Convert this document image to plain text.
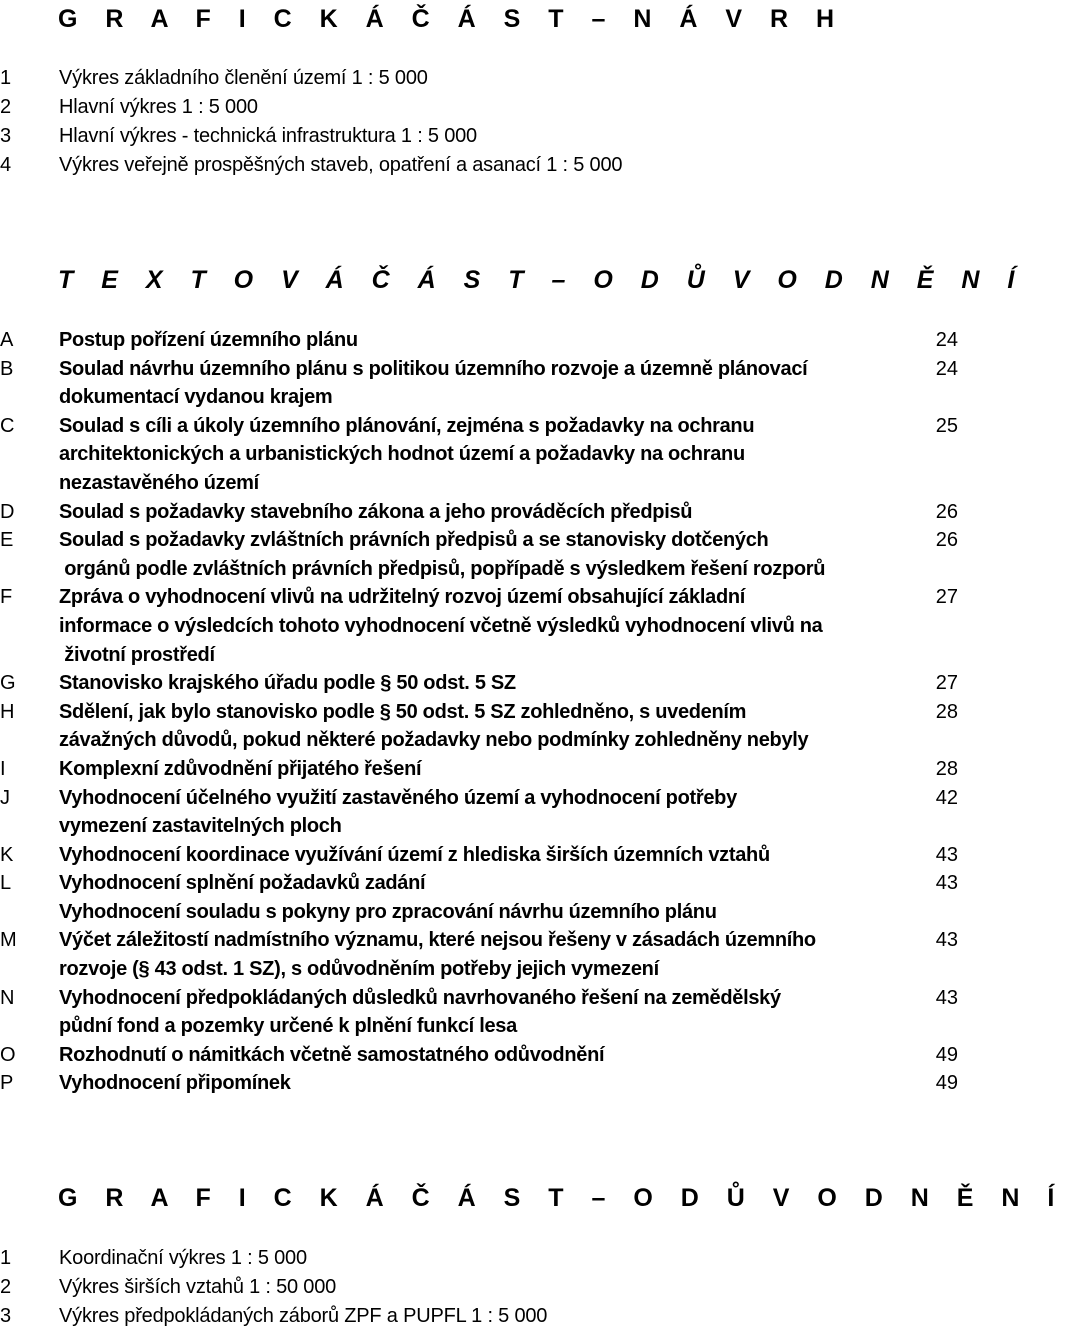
G R A F I C K Á Č Á S T – N Á V R H
1	Výkres základního členění území 1 : 5 000
2	Hlavní výkres 1 : 5 000
3	Hlavní výkres - technická infrastruktura 1 : 5 000
4	Výkres veřejně prospěšných staveb, opatření a asanací 1 : 5 000
T E X T O V Á Č Á S T – O D Ů V O D N Ě N Í
A	Postup pořízení územního plánu	24
B	Soulad návrhu územního plánu s politikou územního rozvoje a územně plánovací
dokumentací vydanou krajem
24
C	Soulad s cíli a úkoly územního plánování, zejména s požadavky na ochranu
architektonických a urbanistických hodnot území a požadavky na ochranu
nezastavěného území
25
D	Soulad s požadavky stavebního zákona a jeho prováděcích předpisů	26
E	Soulad s požadavky zvláštních právních předpisů a se stanovisky dotčených
orgánů podle zvláštních právních předpisů, popřípadě s výsledkem řešení rozporů
26
F	Zpráva o vyhodnocení vlivů na udržitelný rozvoj území obsahující základní
informace o výsledcích tohoto vyhodnocení včetně výsledků vyhodnocení vlivů na
životní prostředí
27
G	Stanovisko krajského úřadu podle § 50 odst. 5 SZ	27
H	Sdělení, jak bylo stanovisko podle § 50 odst. 5 SZ zohledněno, s uvedením
závažných důvodů, pokud některé požadavky nebo podmínky zohledněny nebyly
28
I	Komplexní zdůvodnění přijatého řešení	28
J	Vyhodnocení účelného využití zastavěného území a vyhodnocení potřeby
vymezení zastavitelných ploch
42
K	Vyhodnocení koordinace využívání území z hlediska širších územních vztahů	43
L	Vyhodnocení splnění požadavků zadání
Vyhodnocení souladu s pokyny pro zpracování návrhu územního plánu
43
M	Výčet záležitostí nadmístního významu, které nejsou řešeny v zásadách územního
rozvoje (§ 43 odst. 1 SZ), s odůvodněním potřeby jejich vymezení
43
N	Vyhodnocení předpokládaných důsledků navrhovaného řešení na zemědělský
půdní fond a pozemky určené k plnění funkcí lesa
43
O	Rozhodnutí o námitkách včetně samostatného odůvodnění	49
P	Vyhodnocení připomínek	49
G R A F I C K Á Č Á S T – O D Ů V O D N Ě N Í
1	Koordinační výkres 1 : 5 000
2	Výkres širších vztahů 1 : 50 000
3	Výkres předpokládaných záborů ZPF a PUPFL 1 : 5 000
